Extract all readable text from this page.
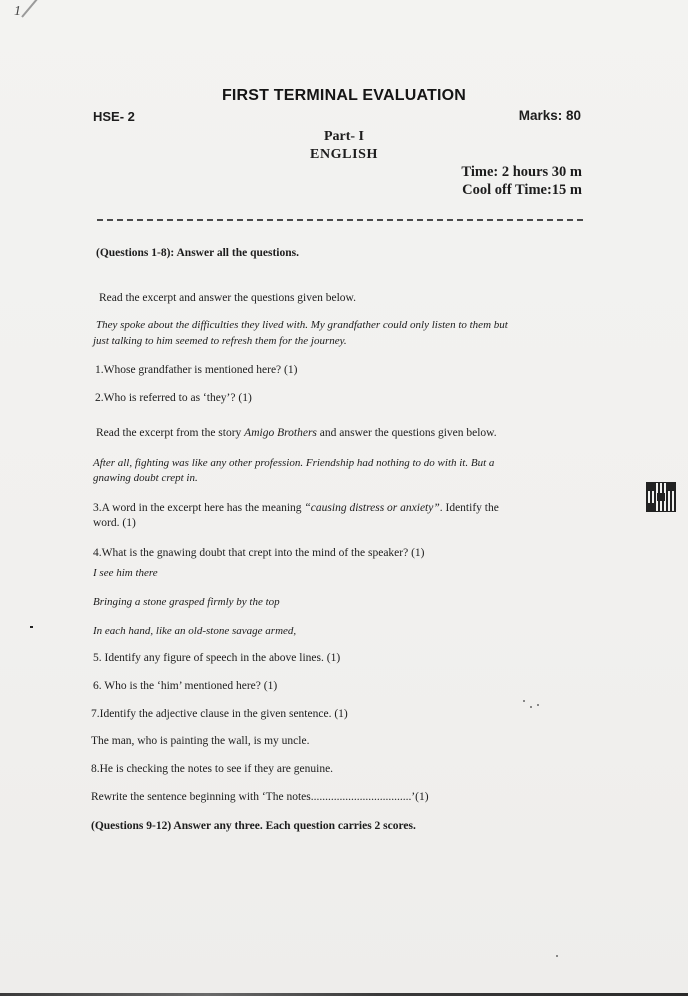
1
FIRST TERMINAL EVALUATION
HSE- 2	Marks: 80
Part- I
ENGLISH
Time: 2 hours 30 m
Cool off Time:15 m
(Questions 1-8): Answer all the questions.
Read the excerpt and answer the questions given below.
They spoke about the difficulties they lived with. My grandfather could only listen to them but
just talking to him seemed to refresh them for the journey.
1.Whose grandfather is mentioned here? (1)
2.Who is referred to as ‘they’? (1)
Read the excerpt from the story Amigo Brothers and answer the questions given below.
After all, fighting was like any other profession. Friendship had nothing to do with it. But a
gnawing doubt crept in.
3.A word in the excerpt here has the meaning “causing distress or anxiety”. Identify the
word. (1)
4.What is the gnawing doubt that crept into the mind of the speaker? (1)
I see him there
Bringing a stone grasped firmly by the top
In each hand, like an old-stone savage armed,
5. Identify any figure of speech in the above lines. (1)
6. Who is the ‘him’ mentioned here? (1)
7.Identify the adjective clause in the given sentence. (1)
The man, who is painting the wall, is my uncle.
8.He is checking the notes to see if they are genuine.
Rewrite the sentence beginning with ‘The notes...................................’(1)
(Questions 9-12) Answer any three. Each question carries 2 scores.
